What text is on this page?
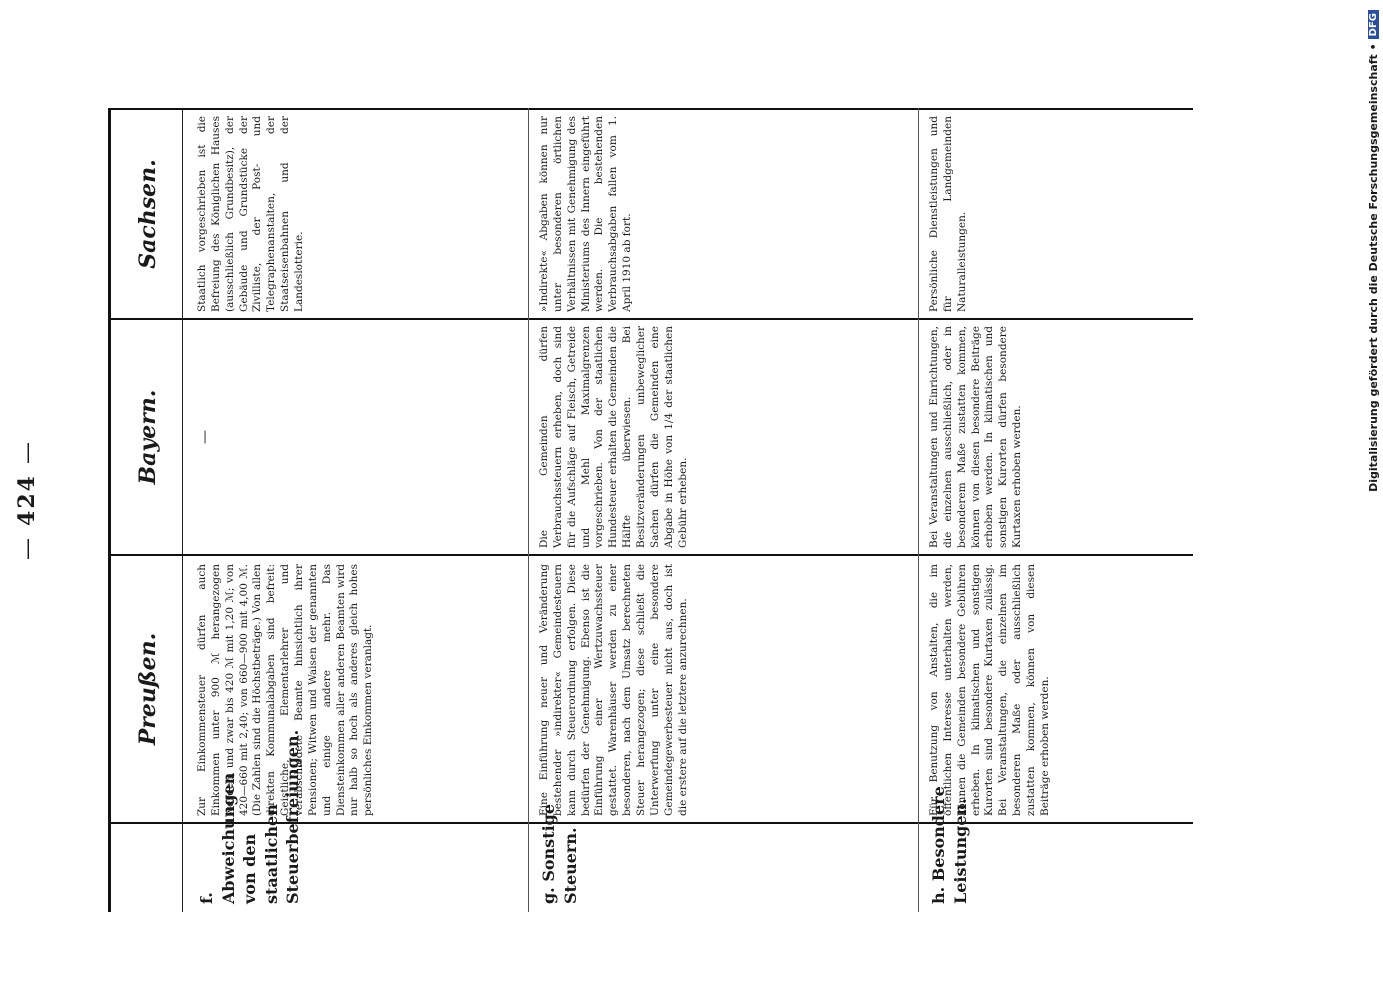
—424—
Preußen.
Bayern.
Sachsen.
f. Abweichungen von den staatlichen Steuerbefreiungen.
Zur Einkommensteuer dürfen auch Einkommen unter 900 ℳ herangezogen werden, und zwar bis 420 ℳ mit 1,20 ℳ; von 420—660 mit 2,40; von 660—900 mit 4,00 ℳ. (Die Zahlen sind die Höchstbeträge.) Von allen direkten Kommunalabgaben sind befreit: Geistliche, Elementarlehrer und verabschiedete Beamte hinsichtlich ihrer Pensionen; Witwen und Waisen der genannten und einige andere mehr. Das Diensteinkommen aller anderen Beamten wird nur halb so hoch als anderes gleich hohes persönliches Einkommen veranlagt.
—
Staatlich vorgeschrieben ist die Befreiung des Königlichen Hauses (ausschließlich Grundbesitz), der Gebäude und Grundstücke der Zivilliste, der Post- und Telegraphenanstalten, der Staatseisenbahnen und der Landeslotterie.
g. Sonstige Steuern.
Eine Einführung neuer und Veränderung bestehender »indirekter« Gemeindesteuern kann durch Steuerordnung erfolgen. Diese bedürfen der Genehmigung. Ebenso ist die Einführung einer Wertzuwachssteuer gestattet. Warenhäuser werden zu einer besonderen, nach dem Umsatz berechneten Steuer herangezogen; diese schließt die Unterwerfung unter eine besondere Gemeindegewerbesteuer nicht aus, doch ist die erstere auf die letztere anzurechnen.
Die Gemeinden dürfen Verbrauchssteuern erheben, doch sind für die Aufschläge auf Fleisch, Getreide und Mehl Maximalgrenzen vorgeschrieben. Von der staatlichen Hundesteuer erhalten die Gemeinden die Hälfte überwiesen. Bei Besitzveränderungen unbeweglicher Sachen dürfen die Gemeinden eine Abgabe in Höhe von 1/4 der staatlichen Gebühr erheben.
»Indirekte« Abgaben können nur unter besonderen örtlichen Verhältnissen mit Genehmigung des Ministeriums des Innern eingeführt werden. Die bestehenden Verbrauchsabgaben fallen vom 1. April 1910 ab fort.
h. Besondere Leistungen.
Für Benutzung von Anstalten, die im öffentlichen Interesse unterhalten werden, können die Gemeinden besondere Gebühren erheben. In klimatischen und sonstigen Kurorten sind besondere Kurtaxen zulässig. Bei Veranstaltungen, die einzelnen im besonderen Maße oder ausschließlich zustatten kommen, können von diesen Beiträge erhoben werden.
Bei Veranstaltungen und Einrichtungen, die einzelnen ausschließlich, oder in besonderem Maße zustatten kommen, können von diesen besondere Beiträge erhoben werden. In klimatischen und sonstigen Kurorten dürfen besondere Kurtaxen erhoben werden.
Persönliche Dienstleistungen und für Landgemeinden Naturalleistungen.	Digitalisierung gefördert durch die Deutsche Forschungsgemeinschaft •
DFG
